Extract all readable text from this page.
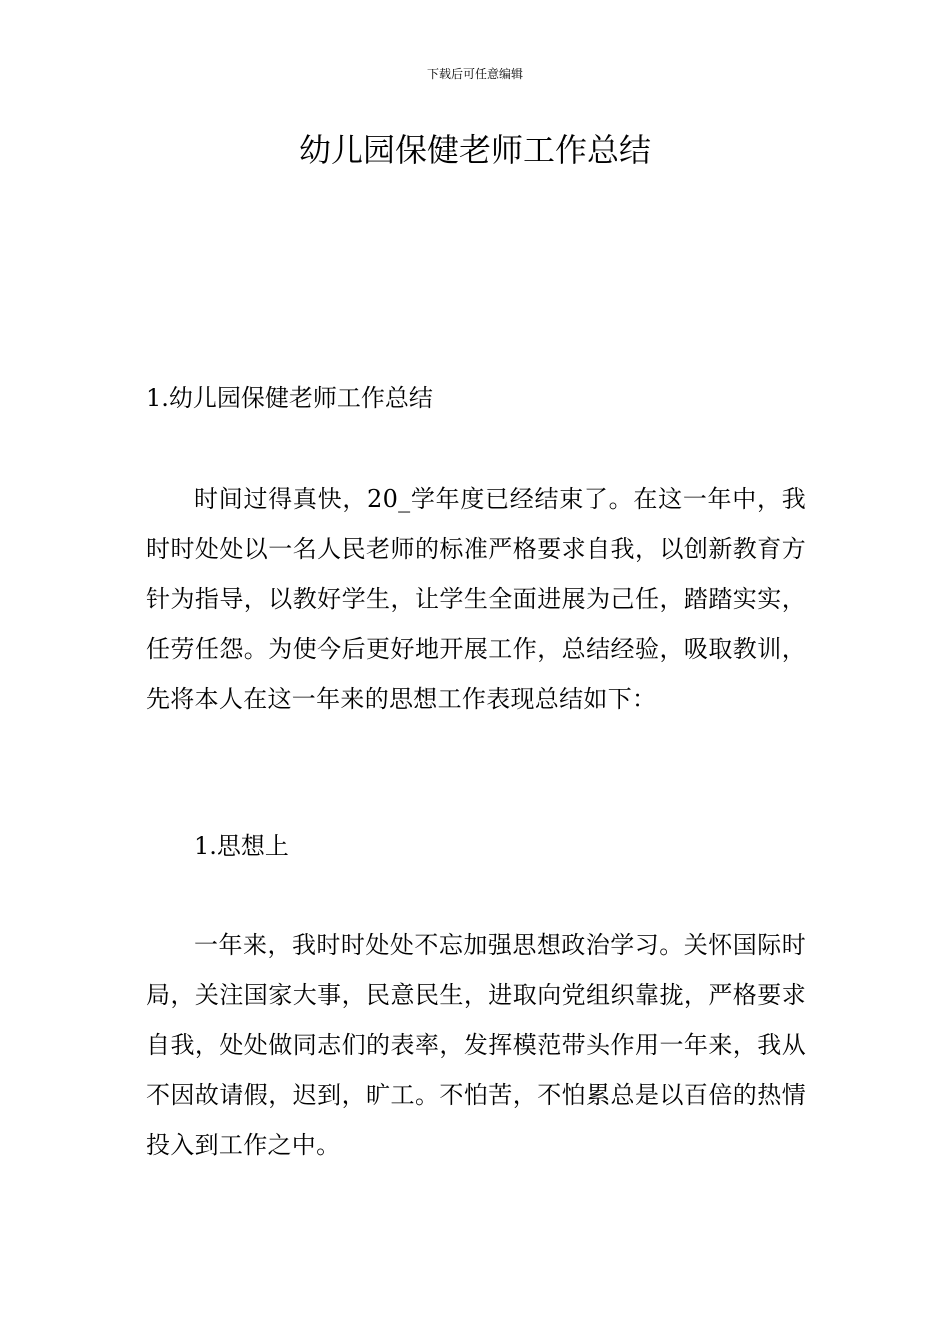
下载后可任意编辑
幼儿园保健老师工作总结
1.幼儿园保健老师工作总结

时间过得真快，20_学年度已经结束了。在这一年中，我时时处处以一名人民老师的标准严格要求自我，以创新教育方针为指导，以教好学生，让学生全面进展为己任，踏踏实实，任劳任怨。为使今后更好地开展工作，总结经验，吸取教训，先将本人在这一年来的思想工作表现总结如下：

1.思想上

一年来，我时时处处不忘加强思想政治学习。关怀国际时局，关注国家大事，民意民生，进取向党组织靠拢，严格要求自我，处处做同志们的表率，发挥模范带头作用一年来，我从不因故请假，迟到，旷工。不怕苦，不怕累总是以百倍的热情投入到工作之中。
